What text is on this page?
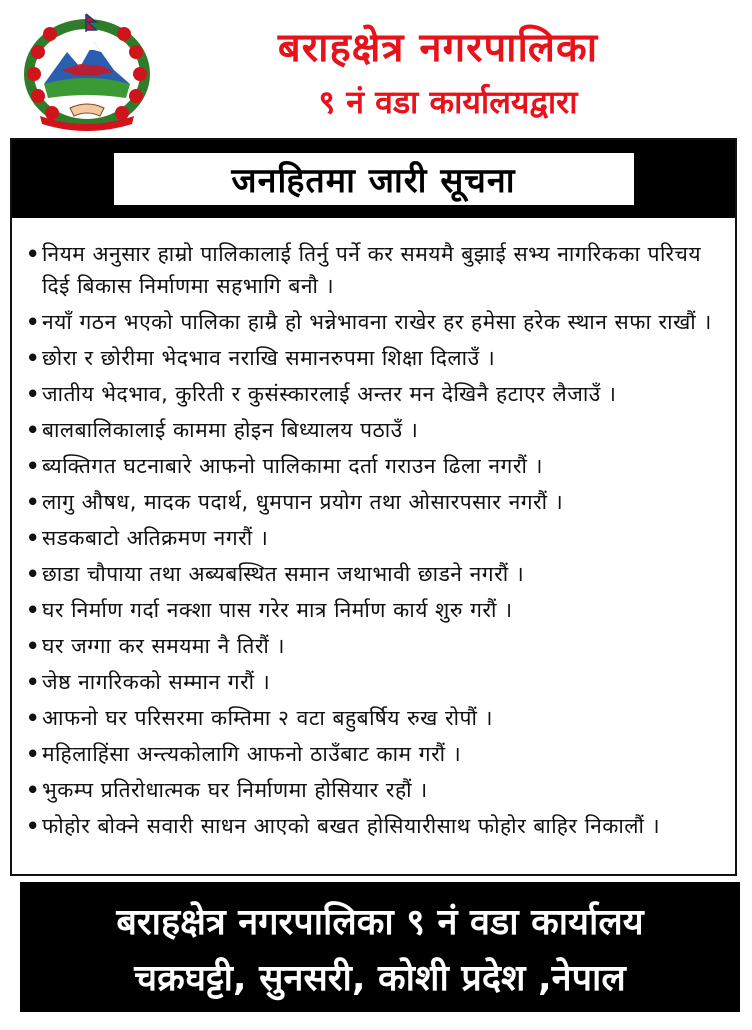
बराहक्षेत्र नगरपालिका
९ नं वडा कार्यालयद्वारा
जनहितमा जारी सूचना
•नियम अनुसार हाम्रो पालिकालाई तिर्नु पर्ने कर समयमै बुझाई सभ्य नागरिकका परिचय दिई बिकास निर्माणमा सहभागि बनौ ।
•नयाँ गठन भएको पालिका हाम्रै हो भन्नेभावना राखेर हर हमेसा हरेक स्थान सफा राखौं ।
•छोरा र छोरीमा भेदभाव नराखि समानरुपमा शिक्षा दिलाउँ ।
•जातीय भेदभाव, कुरिती र कुसंस्कारलाई अन्तर मन देखिनै हटाएर लैजाउँ ।
•बालबालिकालाई काममा होइन बिध्यालय पठाउँ ।
•ब्यक्तिगत घटनाबारे आफनो पालिकामा दर्ता गराउन ढिला नगरौं ।
•लागु औषध, मादक पदार्थ, धुमपान प्रयोग तथा ओसारपसार नगरौं ।
•सडकबाटो अतिक्रमण नगरौं ।
•छाडा चौपाया तथा अब्यबस्थित समान जथाभावी छाडने नगरौं ।
•घर निर्माण गर्दा नक्शा पास गरेर मात्र निर्माण कार्य शुरु गरौं ।
•घर जग्गा कर समयमा नै तिरौं ।
•जेष्ठ नागरिकको सम्मान गरौं ।
•आफनो घर परिसरमा कम्तिमा २ वटा बहुबर्षिय रुख रोपौं ।
•महिलाहिंसा अन्त्यकोलागि आफनो ठाउँबाट काम गरौं ।
•भुकम्प प्रतिरोधात्मक घर निर्माणमा होसियार रहौं ।
•फोहोर बोक्ने सवारी साधन आएको बखत होसियारीसाथ फोहोर बाहिर निकालौं ।
बराहक्षेत्र नगरपालिका ९ नं वडा कार्यालय
चक्रघट्टी, सुनसरी, कोशी प्रदेश ,नेपाल
